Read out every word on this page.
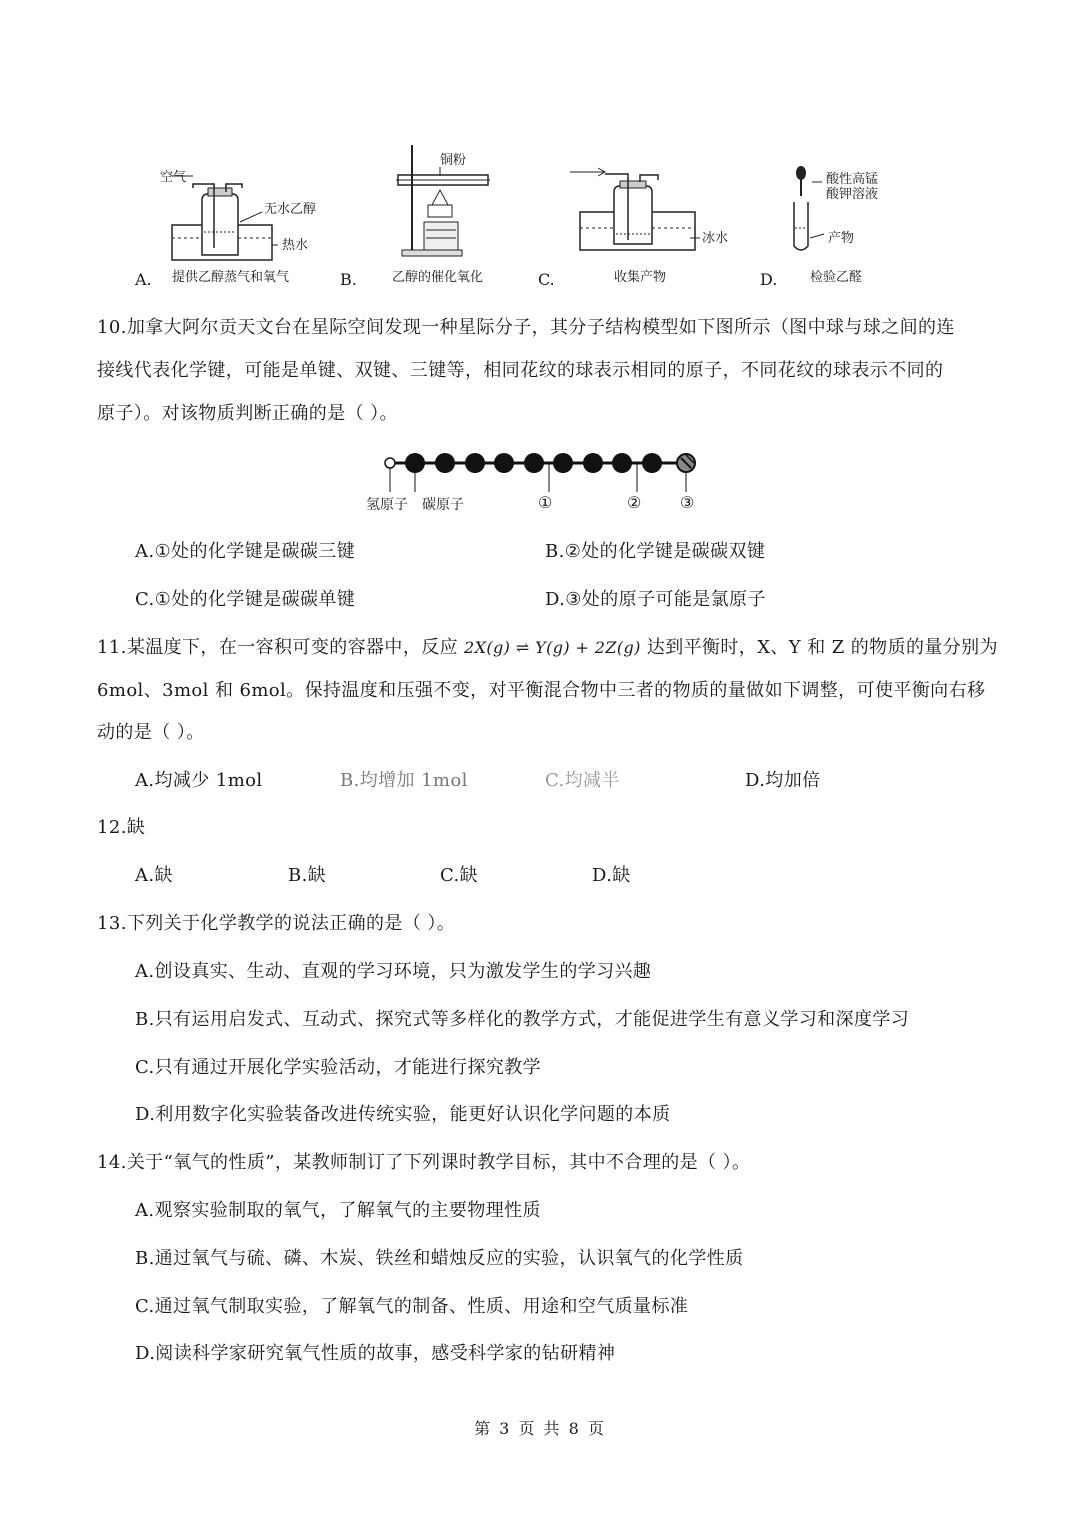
空气
无水乙醇
热水
A. 提供乙醇蒸气和氧气
铜粉
B.	乙醇的催化氧化
冰水
C.	收集产物
酸性高锰
酸钾溶液
产物
D.	检验乙醛
10.加拿大阿尔贡天文台在星际空间发现一种星际分子，其分子结构模型如下图所示（图中球与球之间的连
接线代表化学键，可能是单键、双键、三键等，相同花纹的球表示相同的原子，不同花纹的球表示不同的
原子）。对该物质判断正确的是（ ）。
氢原子 碳原子	①	② ③
A.①处的化学键是碳碳三键	B.②处的化学键是碳碳双键
C.①处的化学键是碳碳单键	D.③处的原子可能是氯原子
11.某温度下，在一容积可变的容器中，反应 2X(g) ⇌ Y(g) + 2Z(g) 达到平衡时，X、Y 和 Z 的物质的量分别为
6mol、3mol 和 6mol。保持温度和压强不变，对平衡混合物中三者的物质的量做如下调整，可使平衡向右移
动的是（ ）。
A.均减少 1mol	B.均增加 1mol	C.均减半	D.均加倍
12.缺
A.缺	B.缺	C.缺	D.缺
13.下列关于化学教学的说法正确的是（ ）。
A.创设真实、生动、直观的学习环境，只为激发学生的学习兴趣
B.只有运用启发式、互动式、探究式等多样化的教学方式，才能促进学生有意义学习和深度学习
C.只有通过开展化学实验活动，才能进行探究教学
D.利用数字化实验装备改进传统实验，能更好认识化学问题的本质
14.关于“氧气的性质”，某教师制订了下列课时教学目标，其中不合理的是（ ）。
A.观察实验制取的氧气，了解氧气的主要物理性质
B.通过氧气与硫、磷、木炭、铁丝和蜡烛反应的实验，认识氧气的化学性质
C.通过氧气制取实验，了解氧气的制备、性质、用途和空气质量标准
D.阅读科学家研究氧气性质的故事，感受科学家的钻研精神
第 3 页 共 8 页
